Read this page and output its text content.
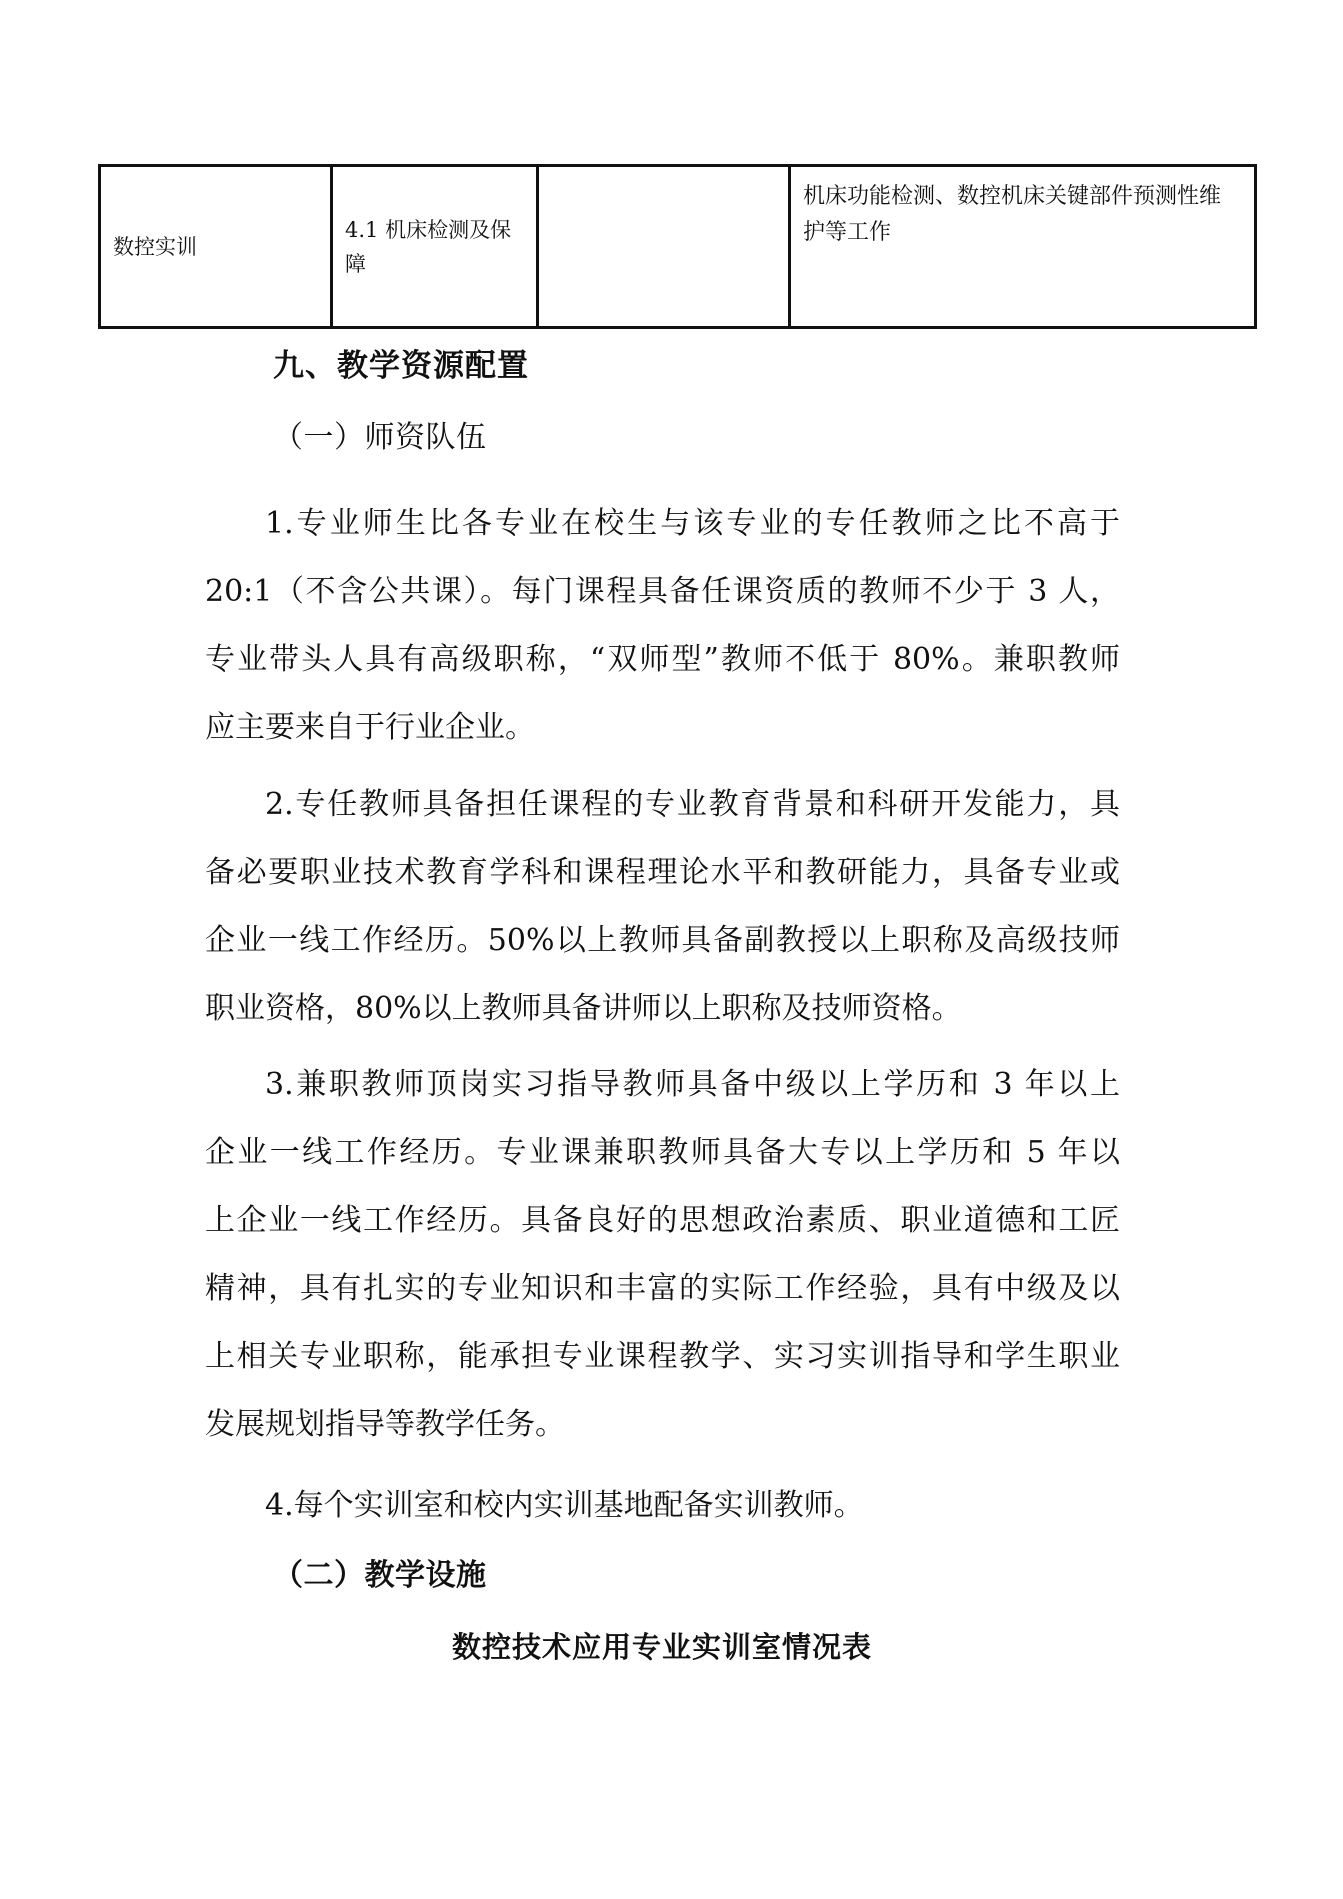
数控实训	4.1 机床检测及保障		机床功能检测、数控机床关键部件预测性维护等工作
九、教学资源配置
（一）师资队伍
1.专业师生比各专业在校生与该专业的专任教师之比不高于
20:1（不含公共课）。每门课程具备任课资质的教师不少于 3 人，
专业带头人具有高级职称，“双师型”教师不低于 80%。兼职教师
应主要来自于行业企业。
2.专任教师具备担任课程的专业教育背景和科研开发能力，具
备必要职业技术教育学科和课程理论水平和教研能力，具备专业或
企业一线工作经历。50%以上教师具备副教授以上职称及高级技师
职业资格，80%以上教师具备讲师以上职称及技师资格。
3.兼职教师顶岗实习指导教师具备中级以上学历和 3 年以上
企业一线工作经历。专业课兼职教师具备大专以上学历和 5 年以
上企业一线工作经历。具备良好的思想政治素质、职业道德和工匠
精神，具有扎实的专业知识和丰富的实际工作经验，具有中级及以
上相关专业职称，能承担专业课程教学、实习实训指导和学生职业
发展规划指导等教学任务。
4.每个实训室和校内实训基地配备实训教师。
（二）教学设施
数控技术应用专业实训室情况表
